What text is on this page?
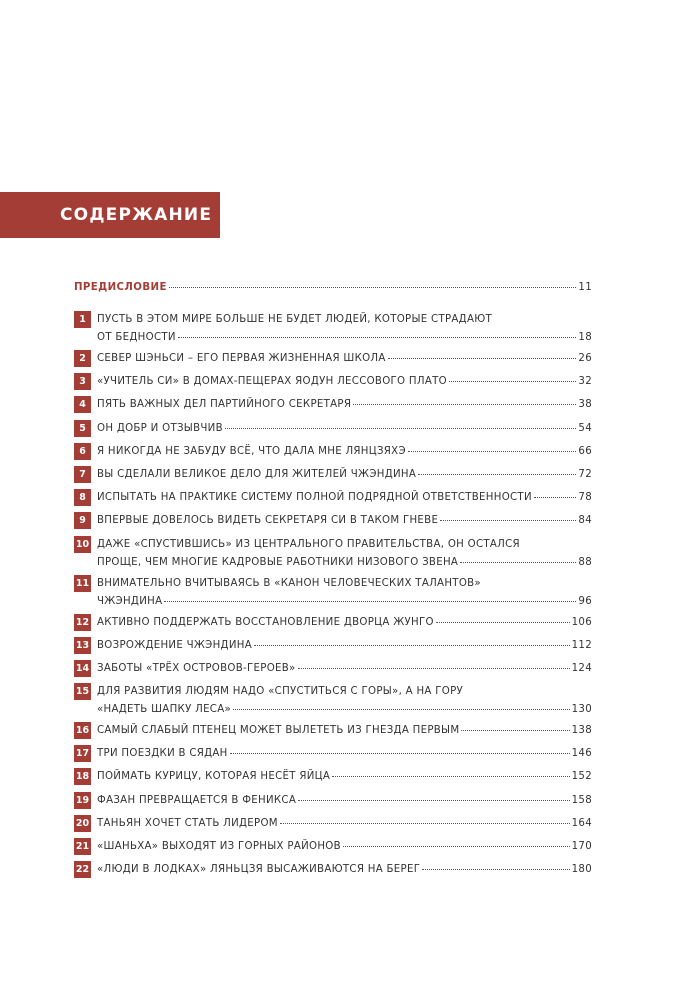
СОДЕРЖАНИЕ
ПРЕДИСЛОВИЕ	11
1	ПУСТЬ В ЭТОМ МИРЕ БОЛЬШЕ НЕ БУДЕТ ЛЮДЕЙ, КОТОРЫЕ СТРАДАЮТ
ОТ БЕДНОСТИ	18
2	СЕВЕР ШЭНЬСИ – ЕГО ПЕРВАЯ ЖИЗНЕННАЯ ШКОЛА	26
3	«УЧИТЕЛЬ СИ» В ДОМАХ-ПЕЩЕРАХ ЯОДУН ЛЕССОВОГО ПЛАТО	32
4	ПЯТЬ ВАЖНЫХ ДЕЛ ПАРТИЙНОГО СЕКРЕТАРЯ	38
5	ОН ДОБР И ОТЗЫВЧИВ	54
6	Я НИКОГДА НЕ ЗАБУДУ ВСЁ, ЧТО ДАЛА МНЕ ЛЯНЦЗЯХЭ	66
7	ВЫ СДЕЛАЛИ ВЕЛИКОЕ ДЕЛО ДЛЯ ЖИТЕЛЕЙ ЧЖЭНДИНА	72
8	ИСПЫТАТЬ НА ПРАКТИКЕ СИСТЕМУ ПОЛНОЙ ПОДРЯДНОЙ ОТВЕТСТВЕННОСТИ	78
9	ВПЕРВЫЕ ДОВЕЛОСЬ ВИДЕТЬ СЕКРЕТАРЯ СИ В ТАКОМ ГНЕВЕ	84
10 ДАЖЕ «СПУСТИВШИСЬ» ИЗ ЦЕНТРАЛЬНОГО ПРАВИТЕЛЬСТВА, ОН ОСТАЛСЯ
ПРОЩЕ, ЧЕМ МНОГИЕ КАДРОВЫЕ РАБОТНИКИ НИЗОВОГО ЗВЕНА	88
11 ВНИМАТЕЛЬНО ВЧИТЫВАЯСЬ В «КАНОН ЧЕЛОВЕЧЕСКИХ ТАЛАНТОВ»
ЧЖЭНДИНА	96
12 АКТИВНО ПОДДЕРЖАТЬ ВОССТАНОВЛЕНИЕ ДВОРЦА ЖУНГО	106
13 ВОЗРОЖДЕНИЕ ЧЖЭНДИНА	112
14 ЗАБОТЫ «ТРЁХ ОСТРОВОВ-ГЕРОЕВ»	124
15 ДЛЯ РАЗВИТИЯ ЛЮДЯМ НАДО «СПУСТИТЬСЯ С ГОРЫ», А НА ГОРУ
«НАДЕТЬ ШАПКУ ЛЕСА»	130
16 САМЫЙ СЛАБЫЙ ПТЕНЕЦ МОЖЕТ ВЫЛЕТЕТЬ ИЗ ГНЕЗДА ПЕРВЫМ	138
17 ТРИ ПОЕЗДКИ В СЯДАН	146
18 ПОЙМАТЬ КУРИЦУ, КОТОРАЯ НЕСЁТ ЯЙЦА	152
19 ФАЗАН ПРЕВРАЩАЕТСЯ В ФЕНИКСА	158
20 ТАНЬЯН ХОЧЕТ СТАТЬ ЛИДЕРОМ	164
21 «ШАНЬХА» ВЫХОДЯТ ИЗ ГОРНЫХ РАЙОНОВ	170
22 «ЛЮДИ В ЛОДКАХ» ЛЯНЬЦЗЯ ВЫСАЖИВАЮТСЯ НА БЕРЕГ	180
